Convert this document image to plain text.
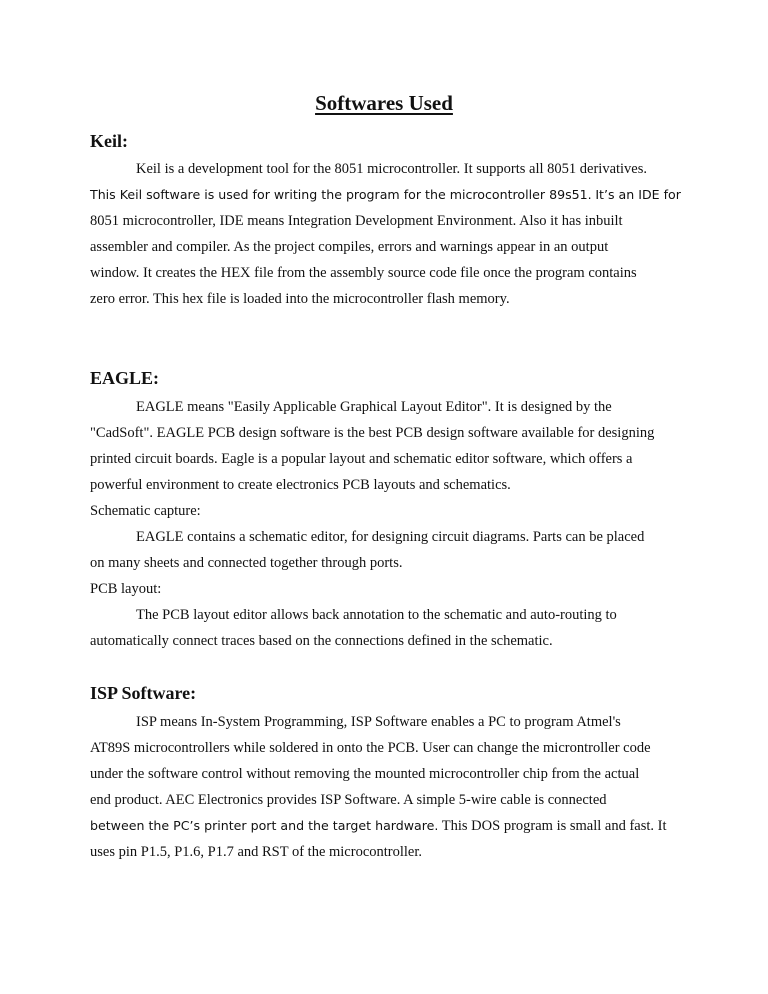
Softwares Used
Keil:
Keil is a development tool for the 8051 microcontroller. It supports all 8051 derivatives.
This Keil software is used for writing the program for the microcontroller 89s51. It’s an IDE for
8051 microcontroller, IDE means Integration Development Environment. Also it has inbuilt
assembler and compiler. As the project compiles, errors and warnings appear in an output
window. It creates the HEX file from the assembly source code file once the program contains
zero error. This hex file is loaded into the microcontroller flash memory.
EAGLE:
EAGLE means "Easily Applicable Graphical Layout Editor". It is designed by the
"CadSoft". EAGLE PCB design software is the best PCB design software available for designing
printed circuit boards. Eagle is a popular layout and schematic editor software, which offers a
powerful environment to create electronics PCB layouts and schematics.
Schematic capture:
EAGLE contains a schematic editor, for designing circuit diagrams. Parts can be placed
on many sheets and connected together through ports.
PCB layout:
The PCB layout editor allows back annotation to the schematic and auto-routing to
automatically connect traces based on the connections defined in the schematic.
ISP Software:
ISP means In-System Programming, ISP Software enables a PC to program Atmel's
AT89S microcontrollers while soldered in onto the PCB. User can change the microntroller code
under the software control without removing the mounted microcontroller chip from the actual
end product. AEC Electronics provides ISP Software. A simple 5-wire cable is connected
between the PC’s printer port and the target hardware. This DOS program is small and fast. It
uses pin P1.5, P1.6, P1.7 and RST of the microcontroller.
